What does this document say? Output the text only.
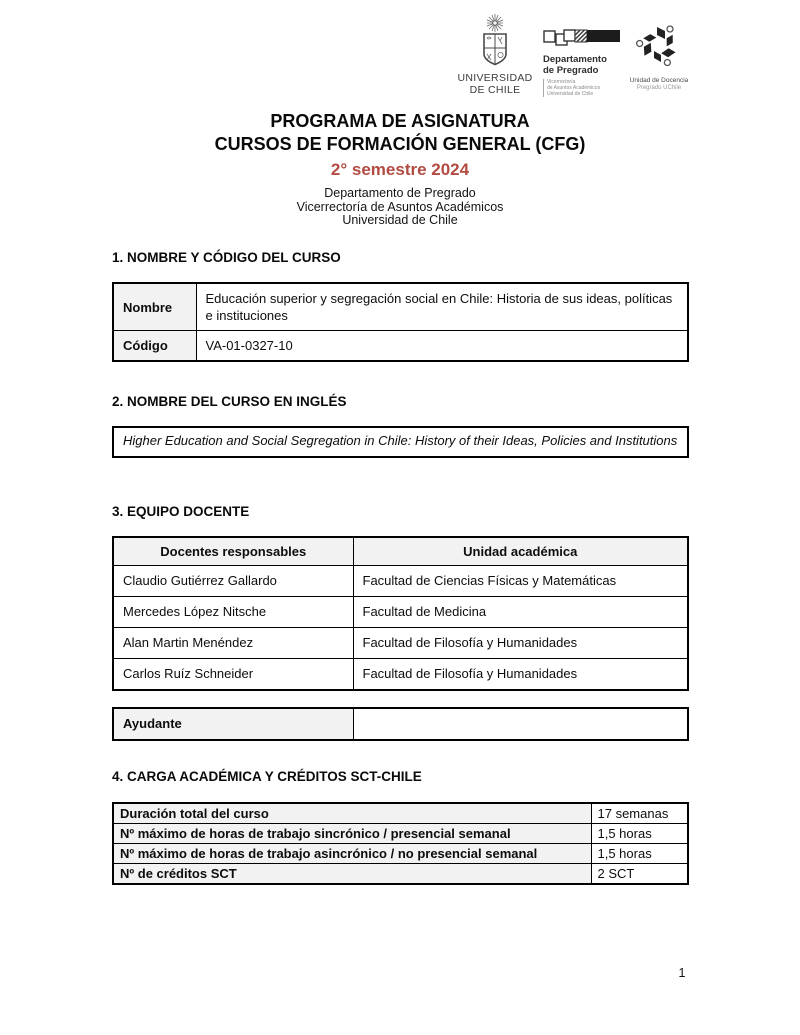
UNIVERSIDAD
DE CHILE
Departamento
de Pregrado
Vicerrectoría
de Asuntos Académicos
Universidad de Chile
Unidad de Docencia
Pregrado UChile
PROGRAMA DE ASIGNATURA
CURSOS DE FORMACIÓN GENERAL (CFG)
2° semestre 2024
Departamento de Pregrado
Vicerrectoría de Asuntos Académicos
Universidad de Chile
1. NOMBRE Y CÓDIGO DEL CURSO
Nombre	Educación superior y segregación social en Chile: Historia de sus ideas, políticas e instituciones
Código	VA-01-0327-10
2. NOMBRE DEL CURSO EN INGLÉS
Higher Education and Social Segregation in Chile: History of their Ideas, Policies and Institutions
3. EQUIPO DOCENTE
Docentes responsables	Unidad académica
Claudio Gutiérrez Gallardo	Facultad de Ciencias Físicas y Matemáticas
Mercedes López Nitsche	Facultad de Medicina
Alan Martin Menéndez	Facultad de Filosofía y Humanidades
Carlos Ruíz Schneider	Facultad de Filosofía y Humanidades
Ayudante	
4. CARGA ACADÉMICA Y CRÉDITOS SCT-CHILE
Duración total del curso	17 semanas
Nº máximo de horas de trabajo sincrónico / presencial semanal	1,5 horas
Nº máximo de horas de trabajo asincrónico / no presencial semanal	1,5 horas
Nº de créditos SCT	2 SCT
1
